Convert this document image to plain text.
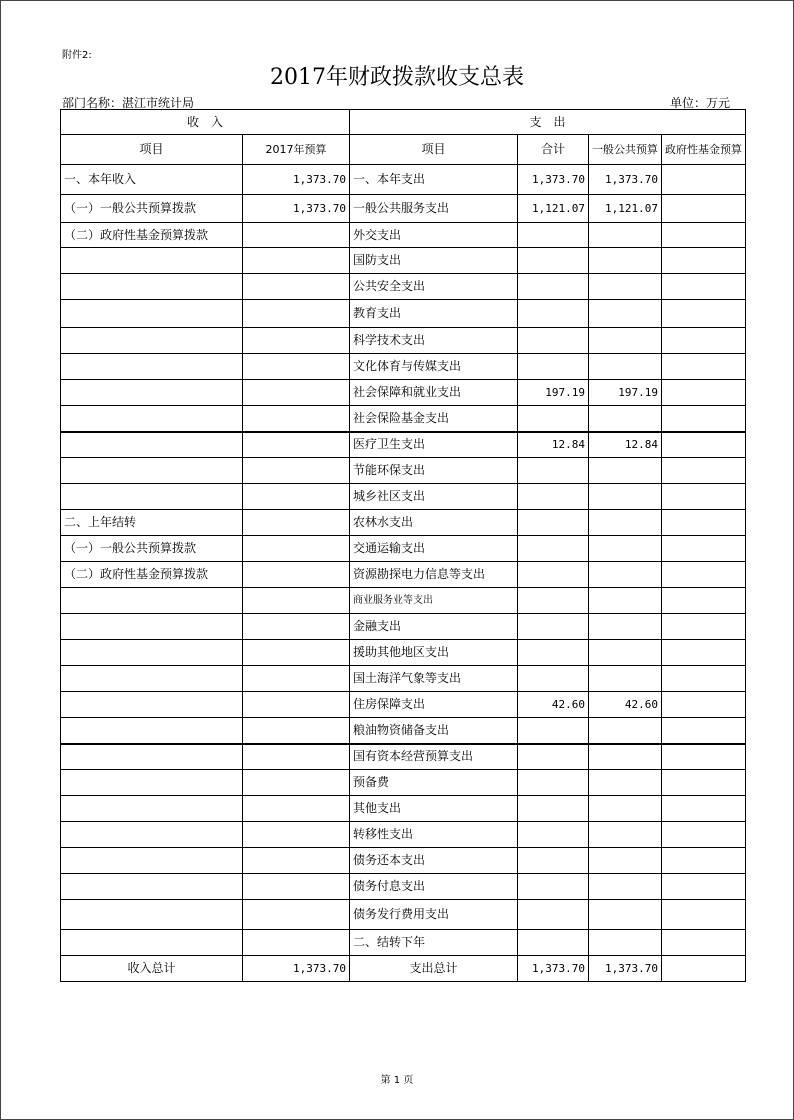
附件2:
2017年财政拨款收支总表
部门名称：湛江市统计局	单位：万元
收　入		支　出			
项目	2017年预算	项目	合计	一般公共预算	政府性基金预算
一、本年收入	1,373.70	一、本年支出	1,373.70	1,373.70	
（一）一般公共预算拨款	1,373.70	一般公共服务支出	1,121.07	1,121.07	
（二）政府性基金预算拨款		外交支出			
		国防支出			
		公共安全支出			
		教育支出			
		科学技术支出			
		文化体育与传媒支出			
		社会保障和就业支出	197.19	197.19	
		社会保险基金支出			
		医疗卫生支出	12.84	12.84	
		节能环保支出			
		城乡社区支出			
二、上年结转		农林水支出			
（一）一般公共预算拨款		交通运输支出			
（二）政府性基金预算拨款		资源勘探电力信息等支出			
		商业服务业等支出			
		金融支出			
		援助其他地区支出			
		国土海洋气象等支出			
		住房保障支出	42.60	42.60	
		粮油物资储备支出			
		国有资本经营预算支出			
		预备费			
		其他支出			
		转移性支出			
		债务还本支出			
		债务付息支出			
		债务发行费用支出			
		二、结转下年			
收入总计	1,373.70	支出总计	1,373.70	1,373.70	
第 1 页
